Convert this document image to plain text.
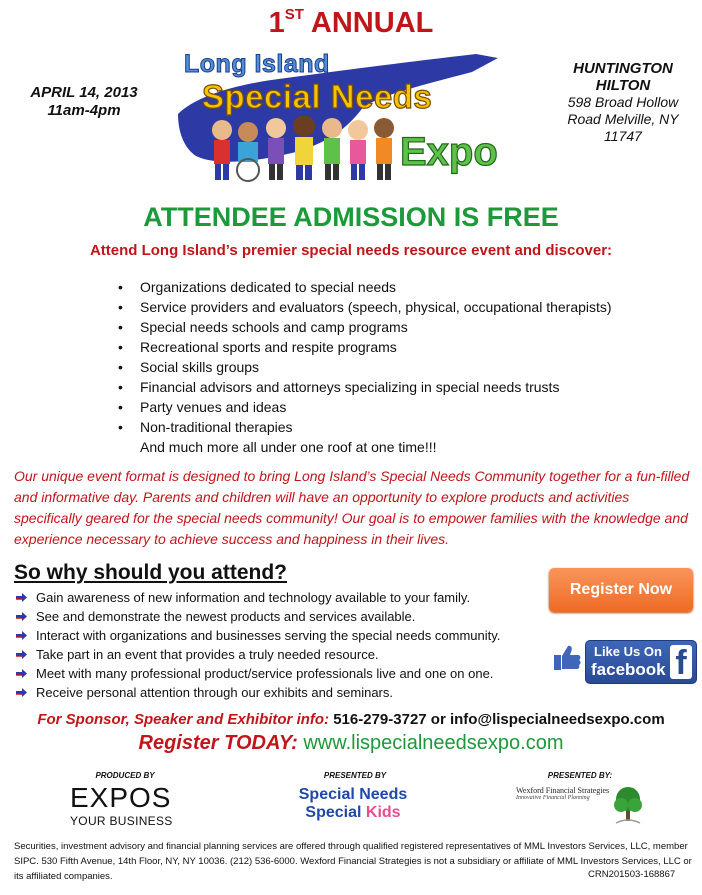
1ST ANNUAL
APRIL 14, 2013
11am-4pm
HUNTINGTON HILTON
598 Broad Hollow
Road Melville, NY
11747
Long Island
Special Needs
Expo
ATTENDEE ADMISSION IS FREE
Attend Long Island’s premier special needs resource event and discover:
• Organizations dedicated to special needs
• Service providers and evaluators (speech, physical, occupational therapists)
• Special needs schools and camp programs
• Recreational sports and respite programs
• Social skills groups
• Financial advisors and attorneys specializing in special needs trusts
• Party venues and ideas
• Non-traditional therapies
And much more all under one roof at one time!!!
Our unique event format is designed to bring Long Island’s Special Needs Community together for a fun-filled and informative day. Parents and children will have an opportunity to explore products and activities specifically geared for the special needs community! Our goal is to empower families with the knowledge and experience necessary to achieve success and happiness in their lives.
So why should you attend?
Gain awareness of new information and technology available to your family.
See and demonstrate the newest products and services available.
Interact with organizations and businesses serving the special needs community.
Take part in an event that provides a truly needed resource.
Meet with many professional product/service professionals live and one on one.
Receive personal attention through our exhibits and seminars.
Register Now
Like Us On
facebook f
For Sponsor, Speaker and Exhibitor info: 516-279-3727 or info@lispecialneedsexpo.com
Register TODAY: www.lispecialneedsexpo.com
PRODUCED BY	PRESENTED BY	PRESENTED BY:
EXPOS
YOUR BUSINESS
Special Needs
Special Kids
Wexford Financial Strategies
Innovative Financial Planning
Securities, investment advisory and financial planning services are offered through qualified registered representatives of MML Investors Services, LLC, member SIPC. 530 Fifth Avenue, 14th Floor, NY, NY 10036. (212) 536-6000. Wexford Financial Strategies is not a subsidiary or affiliate of MML Investors Services, LLC or its affiliated companies.	CRN201503-168867
